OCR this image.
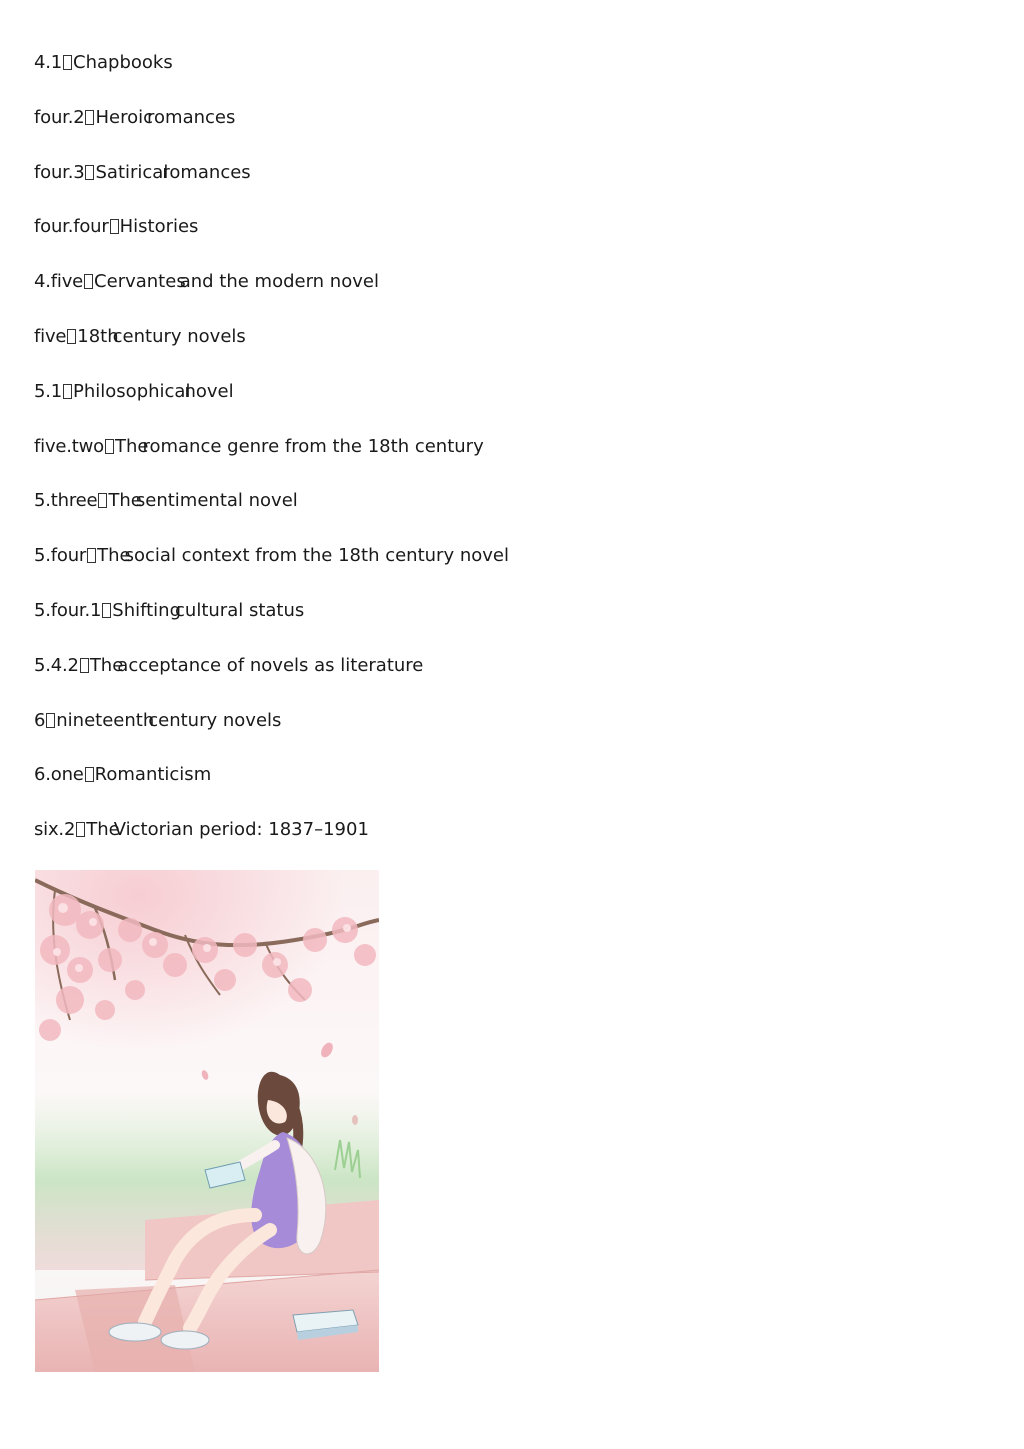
4.1 Chapbooks
four.2 Heroicromances
four.3 Satiricalromances
four.four Histories
4.five Cervantesand the modern novel
five 18thcentury novels
5.1 Philosophicalnovel
five.two Theromance genre from the 18th century
5.three Thesentimental novel
5.four Thesocial context from the 18th century novel
5.four.1 Shiftingcultural status
5.4.2 Theacceptance of novels as literature
6 nineteenthcentury novels
6.one Romanticism
six.2 TheVictorian period: 1837–1901
